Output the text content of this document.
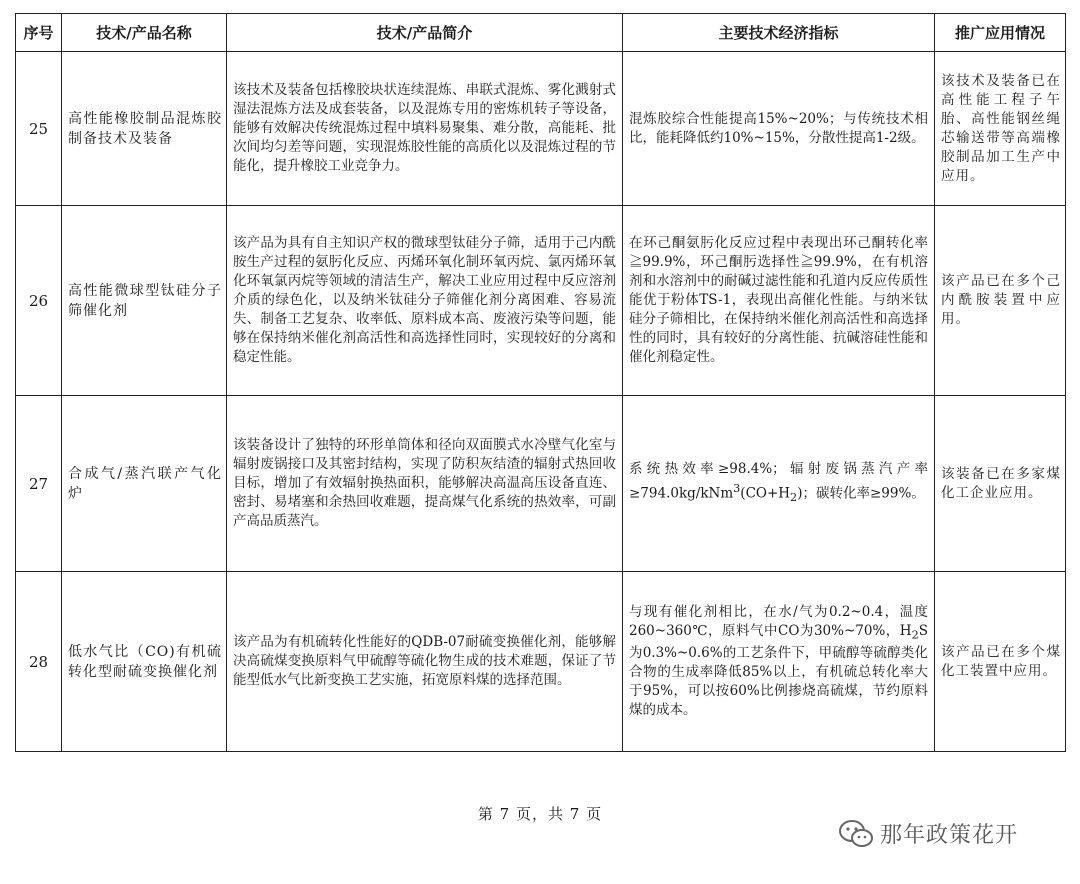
序号	技术/产品名称	技术/产品简介	主要技术经济指标	推广应用情况
25	高性能橡胶制品混炼胶制备技术及装备	该技术及装备包括橡胶块状连续混炼、串联式混炼、雾化溅射式湿法混炼方法及成套装备，以及混炼专用的密炼机转子等设备，能够有效解决传统混炼过程中填料易聚集、难分散，高能耗、批次间均匀差等问题，实现混炼胶性能的高质化以及混炼过程的节能化，提升橡胶工业竞争力。	混炼胶综合性能提高15%~20%；与传统技术相比，能耗降低约10%~15%，分散性提高1-2级。	该技术及装备已在高性能工程子午胎、高性能钢丝绳芯输送带等高端橡胶制品加工生产中应用。
26	高性能微球型钛硅分子筛催化剂	该产品为具有自主知识产权的微球型钛硅分子筛，适用于己内酰胺生产过程的氨肟化反应、丙烯环氧化制环氧丙烷、氯丙烯环氧化环氧氯丙烷等领域的清洁生产，解决工业应用过程中反应溶剂介质的绿色化，以及纳米钛硅分子筛催化剂分离困难、容易流失、制备工艺复杂、收率低、原料成本高、废液污染等问题，能够在保持纳米催化剂高活性和高选择性同时，实现较好的分离和稳定性能。	在环己酮氨肟化反应过程中表现出环己酮转化率≧99.9%，环己酮肟选择性≧99.9%，在有机溶剂和水溶剂中的耐碱过滤性能和孔道内反应传质性能优于粉体TS-1，表现出高催化性能。与纳米钛硅分子筛相比，在保持纳米催化剂高活性和高选择性的同时，具有较好的分离性能、抗碱溶硅性能和催化剂稳定性。	该产品已在多个己内酰胺装置中应用。
27	合成气/蒸汽联产气化炉	该装备设计了独特的环形单筒体和径向双面膜式水冷壁气化室与辐射废锅接口及其密封结构，实现了防积灰结渣的辐射式热回收目标，增加了有效辐射换热面积，能够解决高温高压设备直连、密封、易堵塞和余热回收难题，提高煤气化系统的热效率，可副产高品质蒸汽。	系统热效率≥98.4%；辐射废锅蒸汽产率$\ge 794.0kg/kNm^3(CO+H_2)$；碳转化率≥99%。	该装备已在多家煤化工企业应用。
28	低水气比（CO)有机硫转化型耐硫变换催化剂	该产品为有机硫转化性能好的QDB-07耐硫变换催化剂，能够解决高硫煤变换原料气甲硫醇等硫化物生成的技术难题，保证了节能型低水气比新变换工艺实施，拓宽原料煤的选择范围。	与现有催化剂相比，在水/气为0.2~0.4，温度260~360℃，原料气中CO为30%~70%，$H_2S$为0.3%~0.6%的工艺条件下，甲硫醇等硫醇类化合物的生成率降低85%以上，有机硫总转化率大于95%，可以按60%比例掺烧高硫煤，节约原料煤的成本。	该产品已在多个煤化工装置中应用。
第 7 页，共 7 页
那年政策花开
